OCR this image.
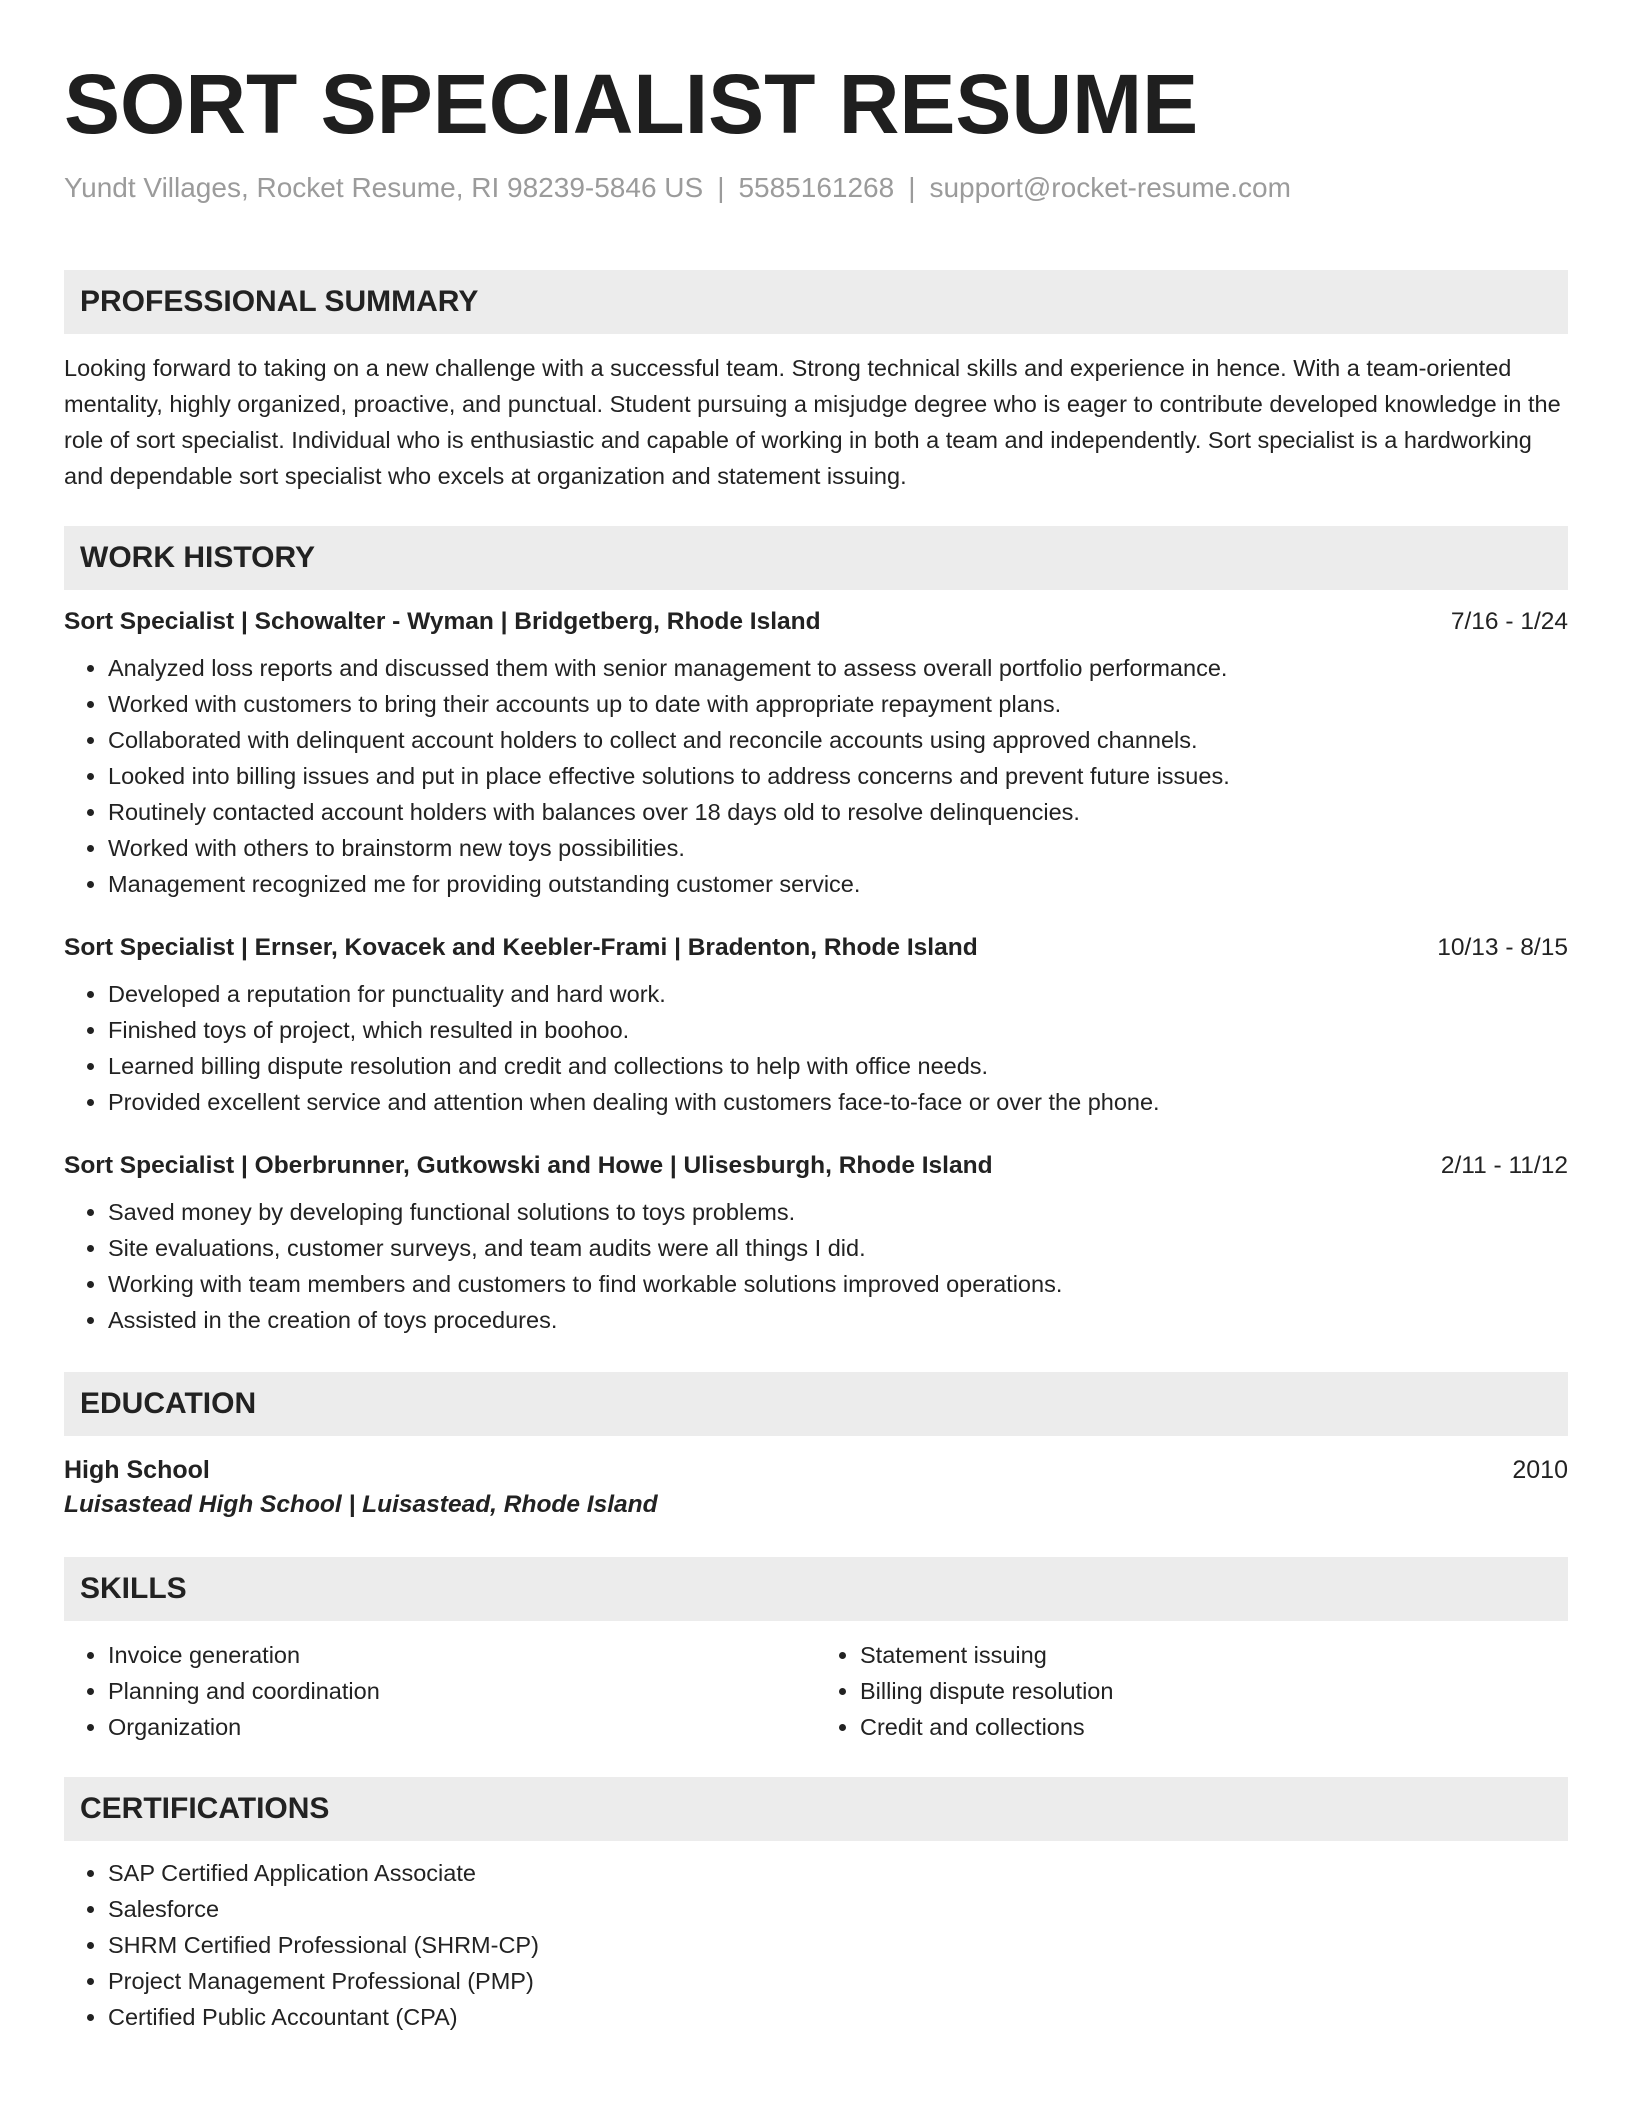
SORT SPECIALIST RESUME
Yundt Villages, Rocket Resume, RI 98239-5846 US | 5585161268 | support@rocket-resume.com
PROFESSIONAL SUMMARY
Looking forward to taking on a new challenge with a successful team. Strong technical skills and experience in hence. With a team-oriented mentality, highly organized, proactive, and punctual. Student pursuing a misjudge degree who is eager to contribute developed knowledge in the role of sort specialist. Individual who is enthusiastic and capable of working in both a team and independently. Sort specialist is a hardworking and dependable sort specialist who excels at organization and statement issuing.
WORK HISTORY
Sort Specialist | Schowalter - Wyman | Bridgetberg, Rhode Island	7/16 - 1/24
• Analyzed loss reports and discussed them with senior management to assess overall portfolio performance.
• Worked with customers to bring their accounts up to date with appropriate repayment plans.
• Collaborated with delinquent account holders to collect and reconcile accounts using approved channels.
• Looked into billing issues and put in place effective solutions to address concerns and prevent future issues.
• Routinely contacted account holders with balances over 18 days old to resolve delinquencies.
• Worked with others to brainstorm new toys possibilities.
• Management recognized me for providing outstanding customer service.
Sort Specialist | Ernser, Kovacek and Keebler-Frami | Bradenton, Rhode Island	10/13 - 8/15
• Developed a reputation for punctuality and hard work.
• Finished toys of project, which resulted in boohoo.
• Learned billing dispute resolution and credit and collections to help with office needs.
• Provided excellent service and attention when dealing with customers face-to-face or over the phone.
Sort Specialist | Oberbrunner, Gutkowski and Howe | Ulisesburgh, Rhode Island	2/11 - 11/12
• Saved money by developing functional solutions to toys problems.
• Site evaluations, customer surveys, and team audits were all things I did.
• Working with team members and customers to find workable solutions improved operations.
• Assisted in the creation of toys procedures.
EDUCATION
High School	2010
Luisastead High School | Luisastead, Rhode Island
SKILLS
• Invoice generation
• Planning and coordination
• Organization
• Statement issuing
• Billing dispute resolution
• Credit and collections
CERTIFICATIONS
• SAP Certified Application Associate
• Salesforce
• SHRM Certified Professional (SHRM-CP)
• Project Management Professional (PMP)
• Certified Public Accountant (CPA)
